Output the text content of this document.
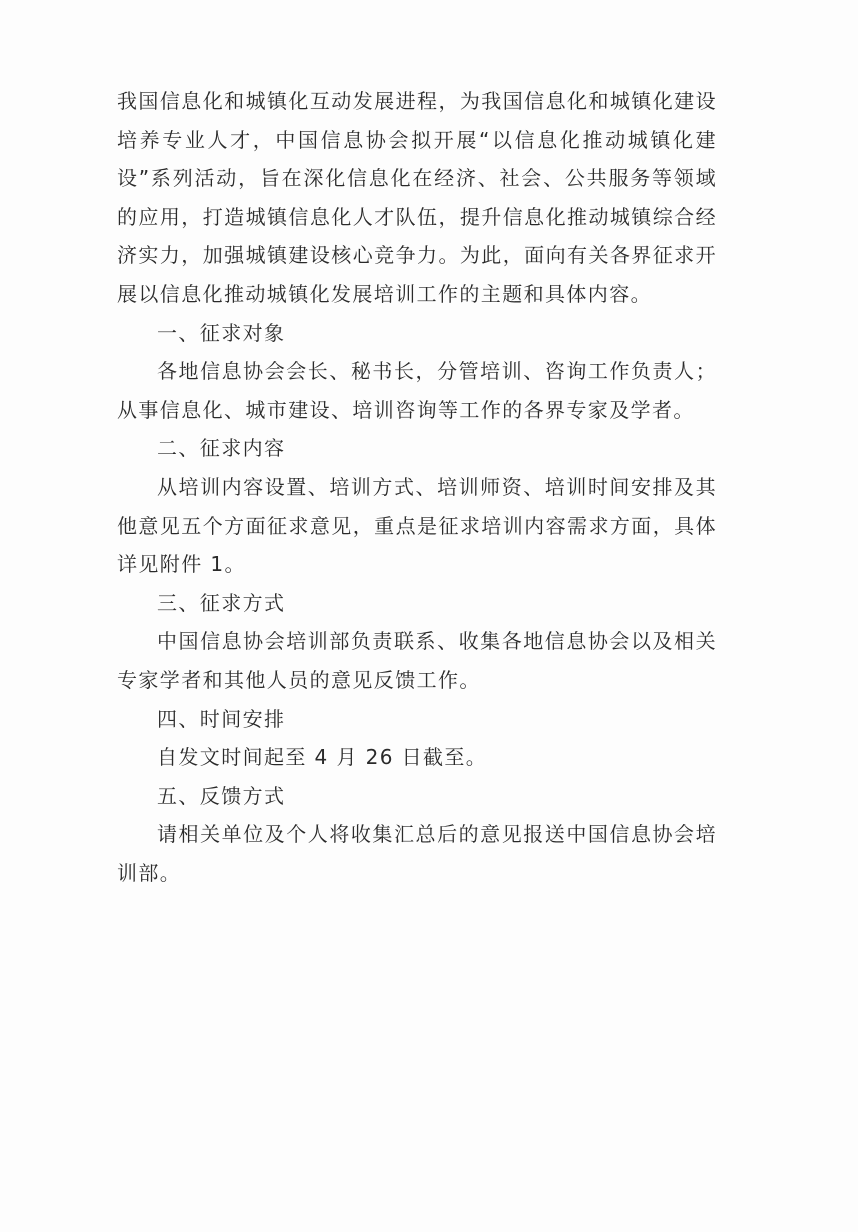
我国信息化和城镇化互动发展进程，为我国信息化和城镇化建设培养专业人才，中国信息协会拟开展“以信息化推动城镇化建设”系列活动，旨在深化信息化在经济、社会、公共服务等领域的应用，打造城镇信息化人才队伍，提升信息化推动城镇综合经济实力，加强城镇建设核心竞争力。为此，面向有关各界征求开展以信息化推动城镇化发展培训工作的主题和具体内容。

一、征求对象

各地信息协会会长、秘书长，分管培训、咨询工作负责人；从事信息化、城市建设、培训咨询等工作的各界专家及学者。

二、征求内容

从培训内容设置、培训方式、培训师资、培训时间安排及其他意见五个方面征求意见，重点是征求培训内容需求方面，具体详见附件 1。

三、征求方式

中国信息协会培训部负责联系、收集各地信息协会以及相关专家学者和其他人员的意见反馈工作。

四、时间安排

自发文时间起至 4 月 26 日截至。

五、反馈方式

请相关单位及个人将收集汇总后的意见报送中国信息协会培训部。
